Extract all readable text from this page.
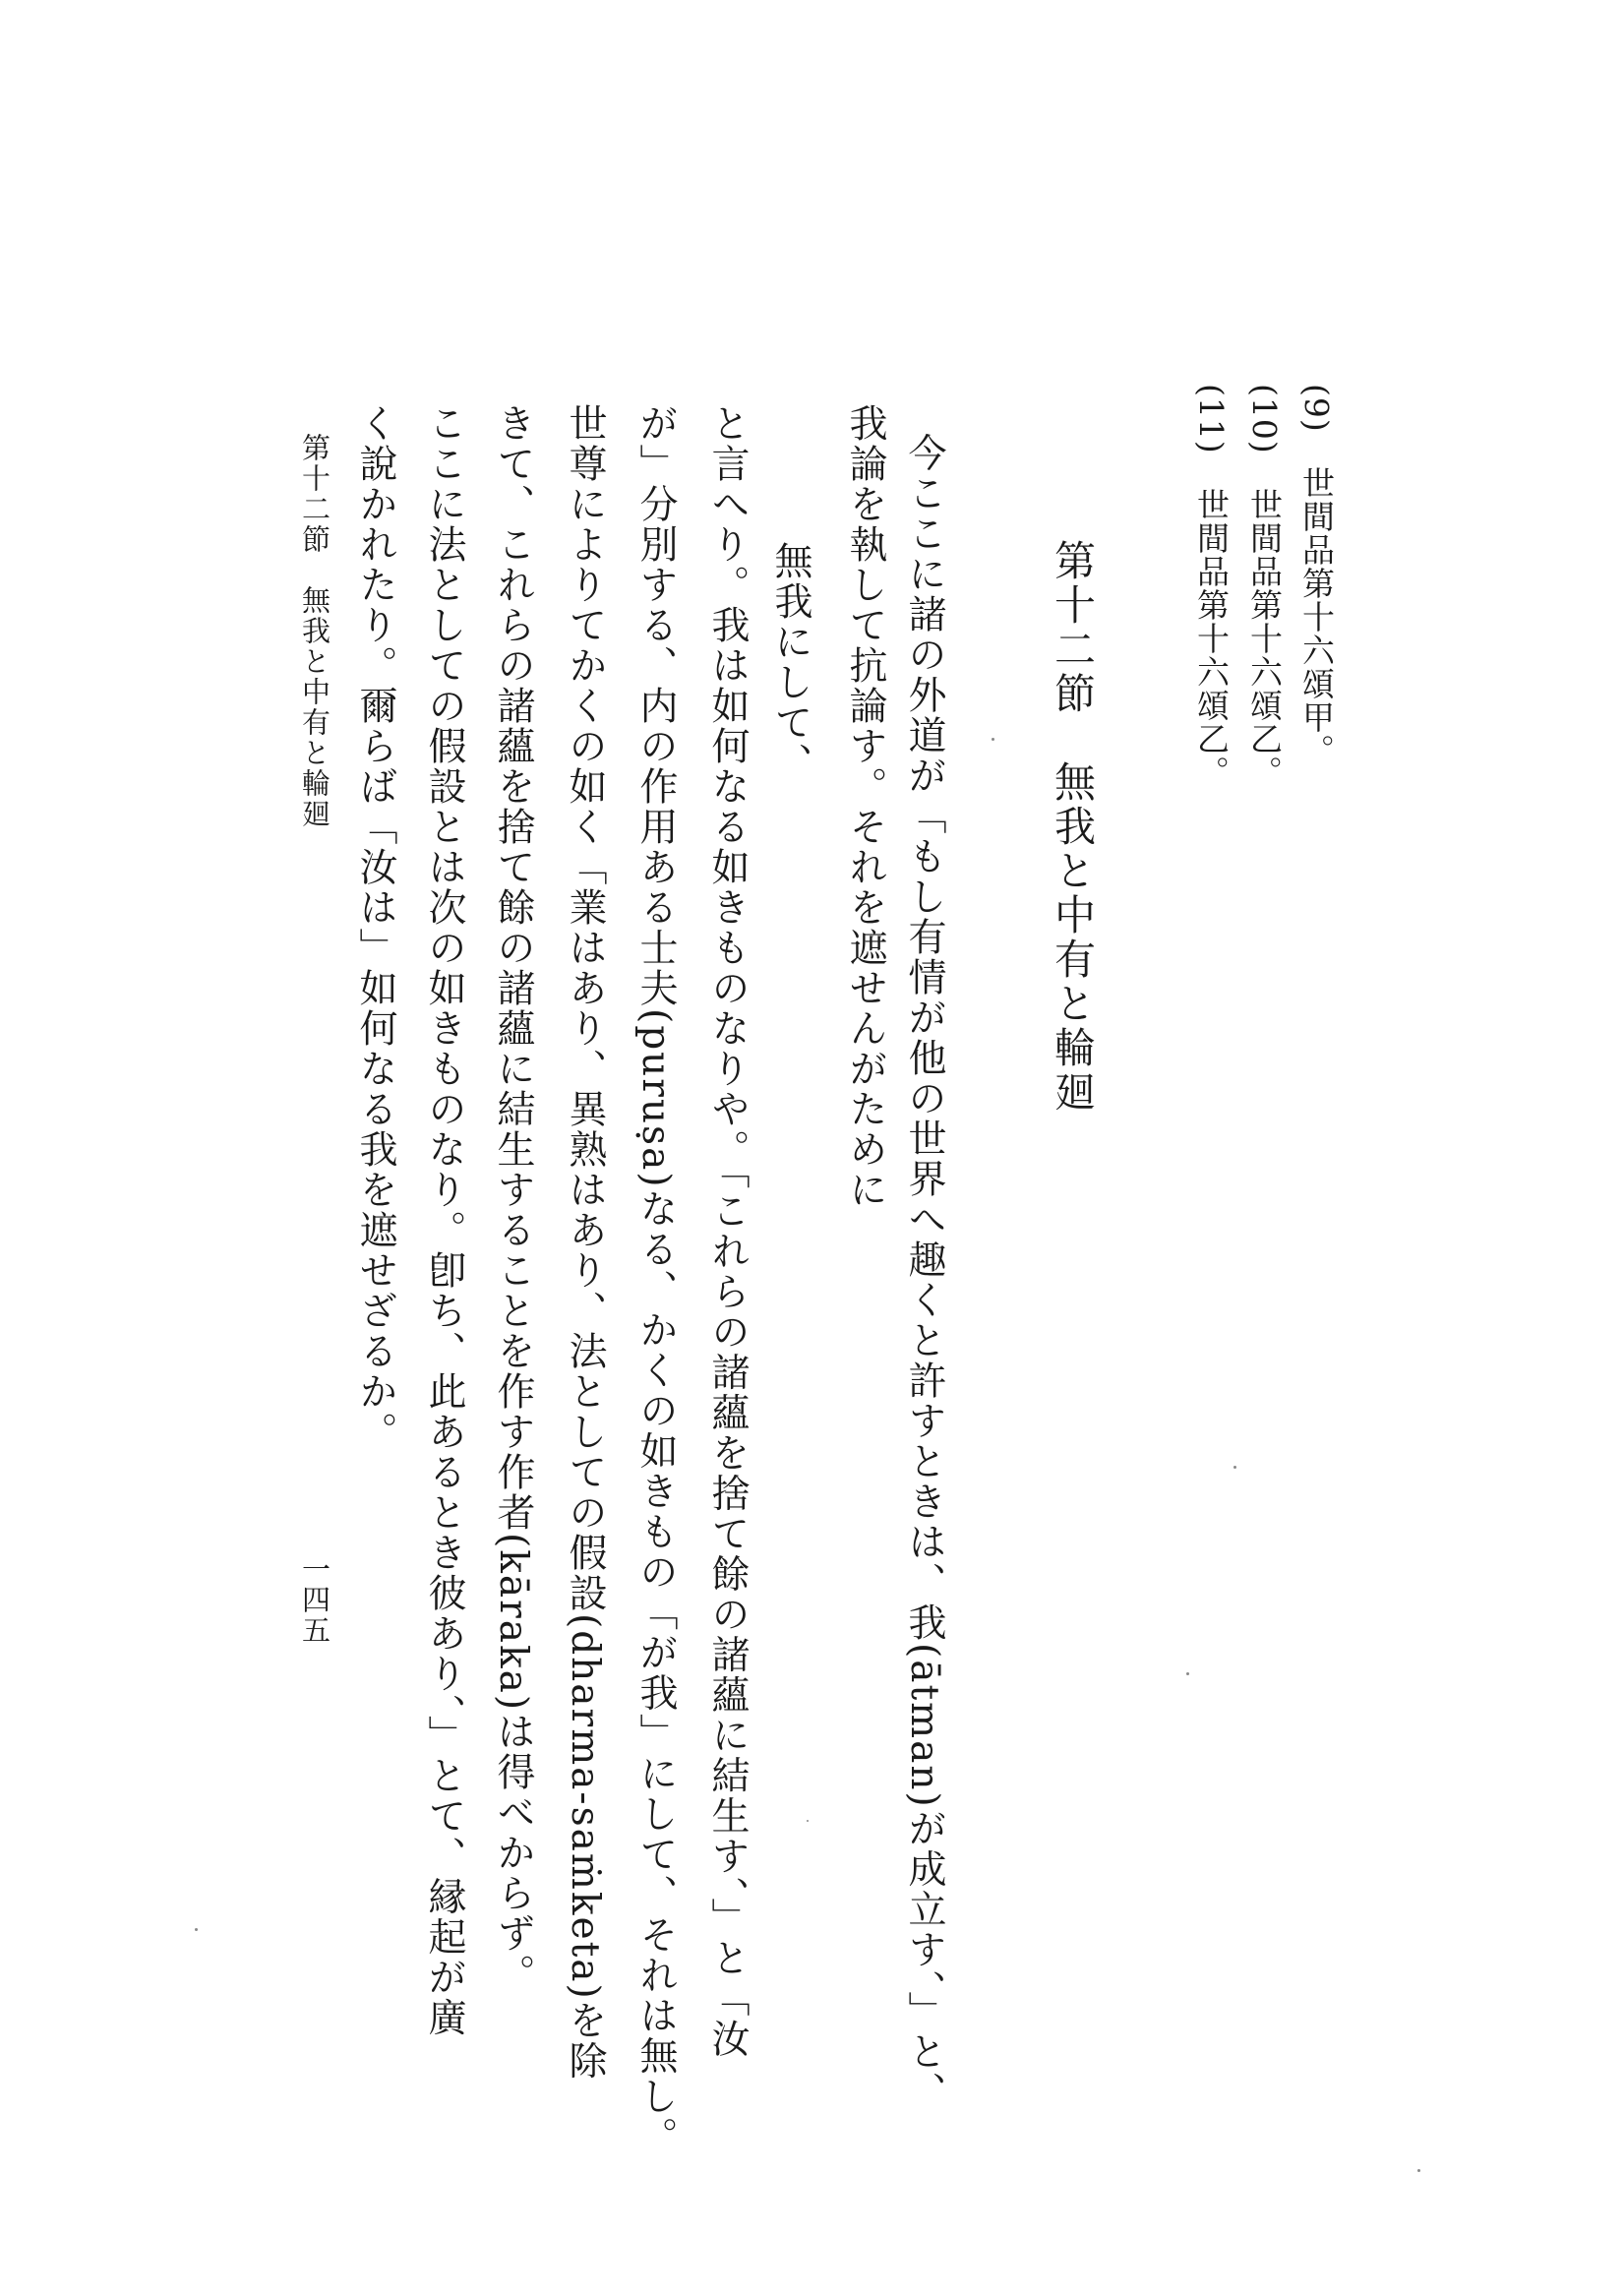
(9)　世間品第十六頌甲。
(10)　世間品第十六頌乙。
(11)　世間品第十六頌乙。
第十二節　無我と中有と輪廻
今ここに諸の外道が「もし有情が他の世界へ趣くと許すときは、我(ātman)が成立す、」と、
我論を執して抗論す。それを遮せんがために
無我にして、
と言へり。我は如何なる如きものなりや。「これらの諸蘊を捨て餘の諸蘊に結生す、」と「汝
が」分別する、内の作用ある士夫(puruṣa)なる、かくの如きもの「が我」にして、それは無し。
世尊によりてかくの如く「業はあり、異熟はあり、法としての假設(dharma-saṁketa)を除
きて、これらの諸蘊を捨て餘の諸蘊に結生することを作す作者(kāraka)は得べからず。
ここに法としての假設とは次の如きものなり。卽ち、此あるとき彼あり、」とて、縁起が廣
く說かれたり。爾らば「汝は」如何なる我を遮せざるか。
第十二節　無我と中有と輪廻
一四五
